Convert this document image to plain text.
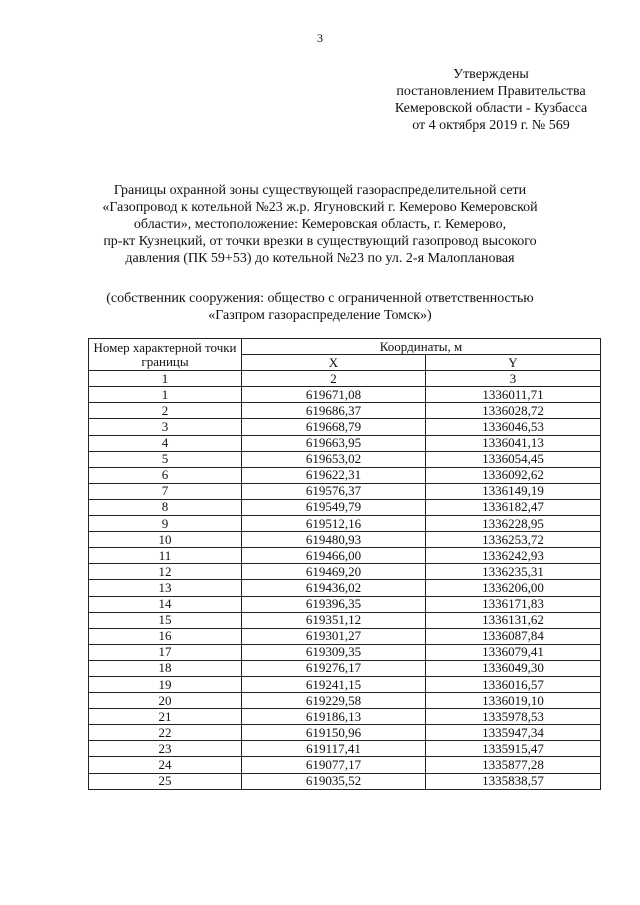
3
Утверждены
постановлением Правительства
Кемеровской области - Кузбасса
от 4 октября 2019 г. № 569
Границы охранной зоны существующей газораспределительной сети
«Газопровод к котельной №23 ж.р. Ягуновский г. Кемерово Кемеровской
области», местоположение: Кемеровская область, г. Кемерово,
пр-кт Кузнецкий, от точки врезки в существующий газопровод высокого
давления (ПК 59+53) до котельной №23 по ул. 2-я Малоплановая
(собственник сооружения: общество с ограниченной ответственностью
«Газпром газораспределение Томск»)
Номер характерной точки границы	Координаты, м	
	X	Y
1	2	3
1	619671,08	1336011,71
2	619686,37	1336028,72
3	619668,79	1336046,53
4	619663,95	1336041,13
5	619653,02	1336054,45
6	619622,31	1336092,62
7	619576,37	1336149,19
8	619549,79	1336182,47
9	619512,16	1336228,95
10	619480,93	1336253,72
11	619466,00	1336242,93
12	619469,20	1336235,31
13	619436,02	1336206,00
14	619396,35	1336171,83
15	619351,12	1336131,62
16	619301,27	1336087,84
17	619309,35	1336079,41
18	619276,17	1336049,30
19	619241,15	1336016,57
20	619229,58	1336019,10
21	619186,13	1335978,53
22	619150,96	1335947,34
23	619117,41	1335915,47
24	619077,17	1335877,28
25	619035,52	1335838,57
